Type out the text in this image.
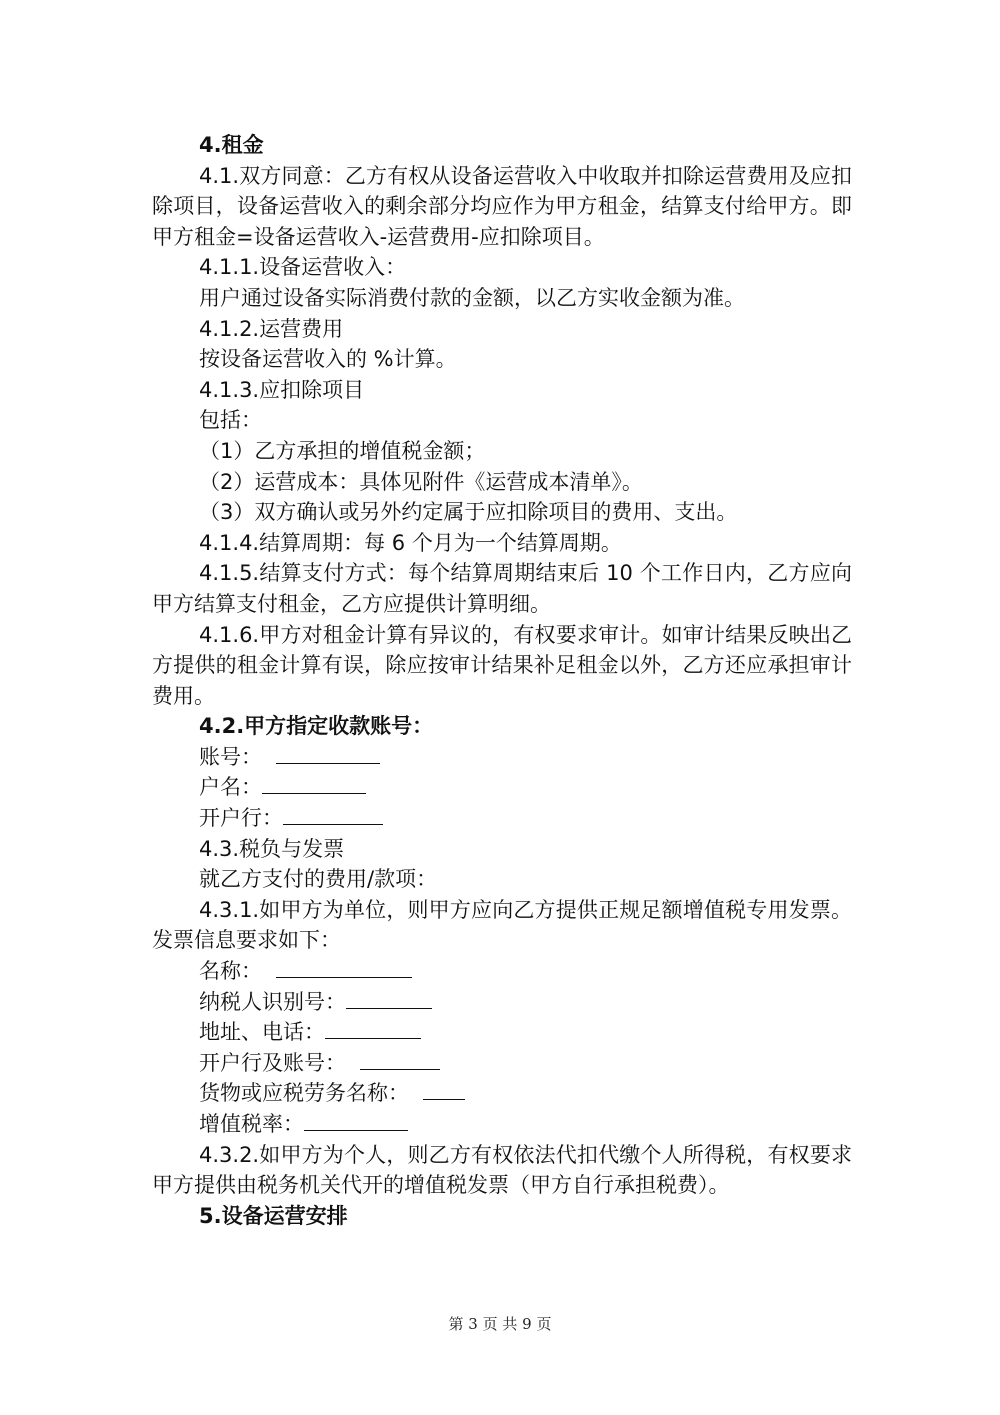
4.租金

4.1.双方同意：乙方有权从设备运营收入中收取并扣除运营费用及应扣除项目，设备运营收入的剩余部分均应作为甲方租金，结算支付给甲方。即甲方租金=设备运营收入-运营费用-应扣除项目。

4.1.1.设备运营收入：

用户通过设备实际消费付款的金额，以乙方实收金额为准。

4.1.2.运营费用

按设备运营收入的 %计算。

4.1.3.应扣除项目

包括：

（1）乙方承担的增值税金额；

（2）运营成本：具体见附件《运营成本清单》。

（3）双方确认或另外约定属于应扣除项目的费用、支出。

4.1.4.结算周期：每 6 个月为一个结算周期。

4.1.5.结算支付方式：每个结算周期结束后 10 个工作日内，乙方应向甲方结算支付租金，乙方应提供计算明细。

4.1.6.甲方对租金计算有异议的，有权要求审计。如审计结果反映出乙方提供的租金计算有误，除应按审计结果补足租金以外，乙方还应承担审计费用。

4.2.甲方指定收款账号：

账号：

户名：

开户行：

4.3.税负与发票

就乙方支付的费用/款项：

4.3.1.如甲方为单位，则甲方应向乙方提供正规足额增值税专用发票。发票信息要求如下：

名称：

纳税人识别号：

地址、电话：

开户行及账号：

货物或应税劳务名称：

增值税率：

4.3.2.如甲方为个人，则乙方有权依法代扣代缴个人所得税，有权要求甲方提供由税务机关代开的增值税发票（甲方自行承担税费）。

5.设备运营安排

第 3 页 共 9 页
